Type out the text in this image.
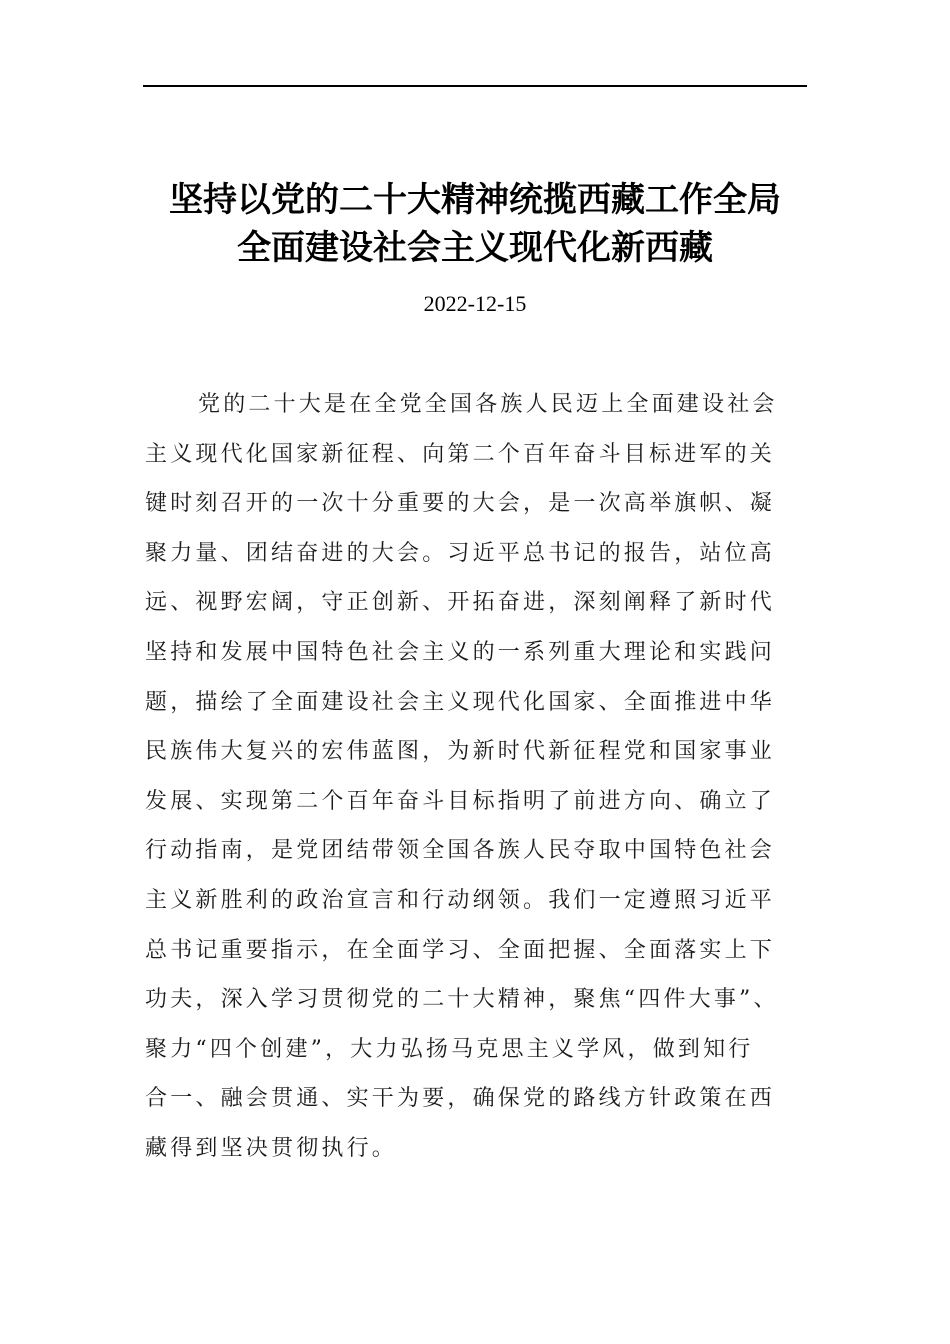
坚持以党的二十大精神统揽西藏工作全局
全面建设社会主义现代化新西藏
2022-12-15
党的二十大是在全党全国各族人民迈上全面建设社会
主义现代化国家新征程、向第二个百年奋斗目标进军的关
键时刻召开的一次十分重要的大会，是一次高举旗帜、凝
聚力量、团结奋进的大会。习近平总书记的报告，站位高
远、视野宏阔，守正创新、开拓奋进，深刻阐释了新时代
坚持和发展中国特色社会主义的一系列重大理论和实践问
题，描绘了全面建设社会主义现代化国家、全面推进中华
民族伟大复兴的宏伟蓝图，为新时代新征程党和国家事业
发展、实现第二个百年奋斗目标指明了前进方向、确立了
行动指南，是党团结带领全国各族人民夺取中国特色社会
主义新胜利的政治宣言和行动纲领。我们一定遵照习近平
总书记重要指示，在全面学习、全面把握、全面落实上下
功夫，深入学习贯彻党的二十大精神，聚焦“四件大事”、
聚力“四个创建”，大力弘扬马克思主义学风，做到知行
合一、融会贯通、实干为要，确保党的路线方针政策在西
藏得到坚决贯彻执行。
